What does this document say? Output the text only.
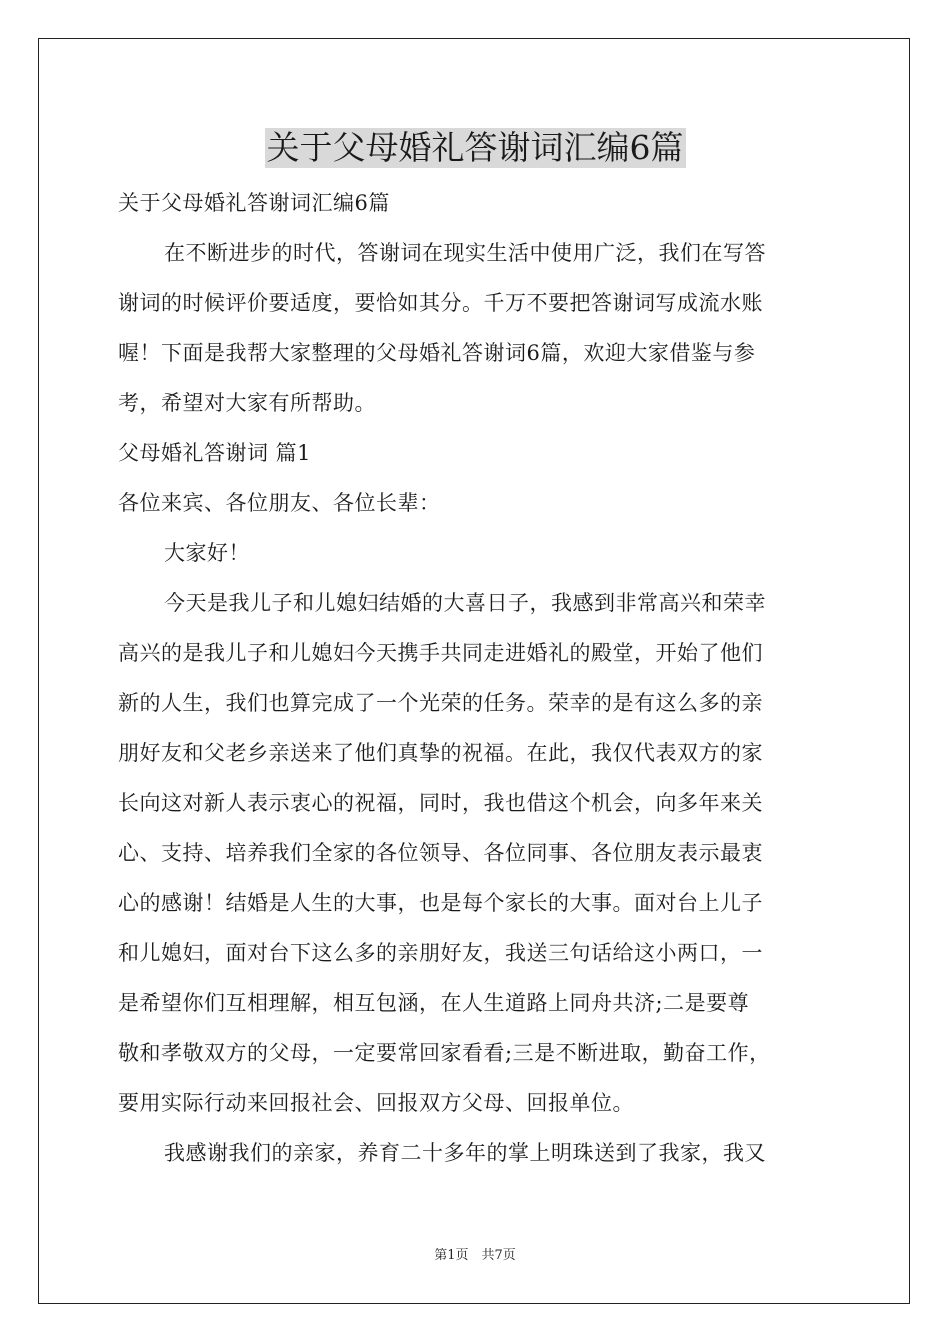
关于父母婚礼答谢词汇编6篇

关于父母婚礼答谢词汇编6篇

在不断进步的时代，答谢词在现实生活中使用广泛，我们在写答

谢词的时候评价要适度，要恰如其分。千万不要把答谢词写成流水账

喔！下面是我帮大家整理的父母婚礼答谢词6篇，欢迎大家借鉴与参

考，希望对大家有所帮助。

父母婚礼答谢词 篇1

各位来宾、各位朋友、各位长辈：

大家好！

今天是我儿子和儿媳妇结婚的大喜日子，我感到非常高兴和荣幸

高兴的是我儿子和儿媳妇今天携手共同走进婚礼的殿堂，开始了他们

新的人生，我们也算完成了一个光荣的任务。荣幸的是有这么多的亲

朋好友和父老乡亲送来了他们真挚的祝福。在此，我仅代表双方的家

长向这对新人表示衷心的祝福，同时，我也借这个机会，向多年来关

心、支持、培养我们全家的各位领导、各位同事、各位朋友表示最衷

心的感谢！结婚是人生的大事，也是每个家长的大事。面对台上儿子

和儿媳妇，面对台下这么多的亲朋好友，我送三句话给这小两口，一

是希望你们互相理解，相互包涵，在人生道路上同舟共济;二是要尊

敬和孝敬双方的父母，一定要常回家看看;三是不断进取，勤奋工作，

要用实际行动来回报社会、回报双方父母、回报单位。

我感谢我们的亲家，养育二十多年的掌上明珠送到了我家，我又

第1页　共7页
